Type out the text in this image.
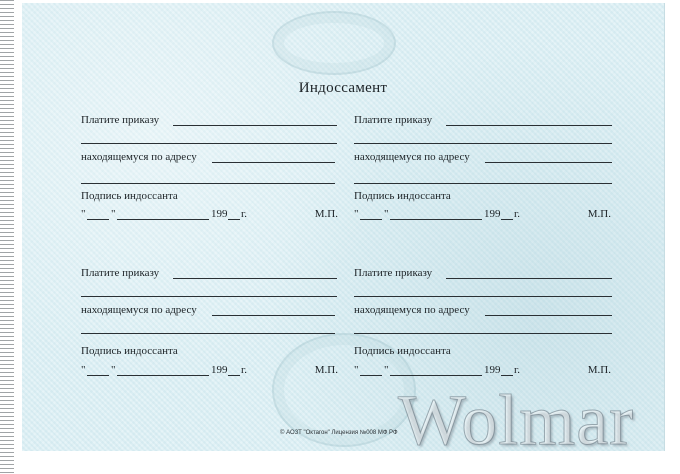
Индоссамент
Платите приказу
находящемуся по адресу
Подпись индоссанта
" "	199 г.	М.П.
Платите приказу
находящемуся по адресу
Подпись индоссанта
" "	199 г.	М.П.
Платите приказу
находящемуся по адресу
Подпись индоссанта
" "	199 г.	М.П.
Платите приказу
находящемуся по адресу
Подпись индоссанта
" "	199 г.	М.П.
© АОЗТ "Октагон" Лицензия №008 МФ РФ Wolmar
